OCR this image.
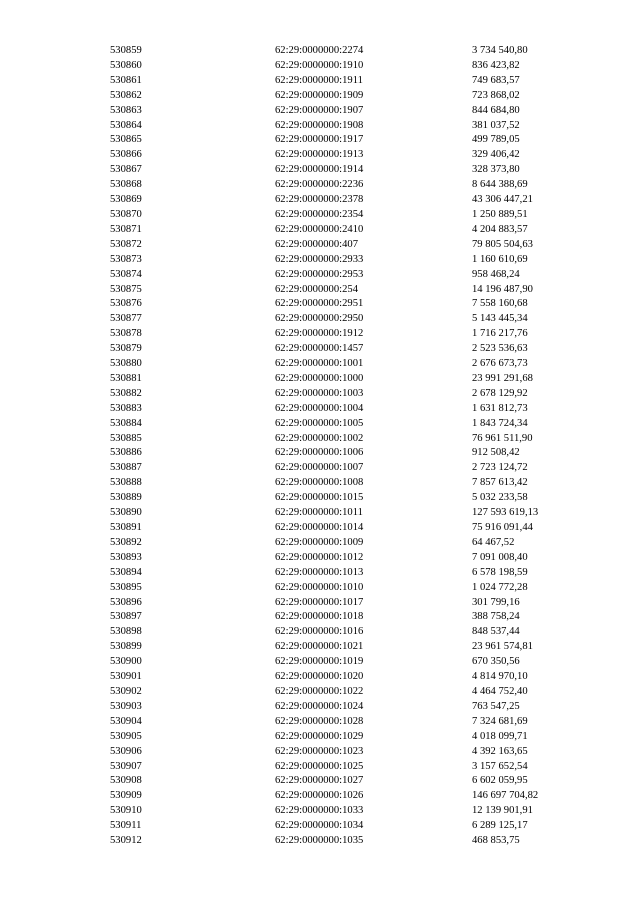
530859	62:29:0000000:2274	3 734 540,80
530860	62:29:0000000:1910	836 423,82
530861	62:29:0000000:1911	749 683,57
530862	62:29:0000000:1909	723 868,02
530863	62:29:0000000:1907	844 684,80
530864	62:29:0000000:1908	381 037,52
530865	62:29:0000000:1917	499 789,05
530866	62:29:0000000:1913	329 406,42
530867	62:29:0000000:1914	328 373,80
530868	62:29:0000000:2236	8 644 388,69
530869	62:29:0000000:2378	43 306 447,21
530870	62:29:0000000:2354	1 250 889,51
530871	62:29:0000000:2410	4 204 883,57
530872	62:29:0000000:407	79 805 504,63
530873	62:29:0000000:2933	1 160 610,69
530874	62:29:0000000:2953	958 468,24
530875	62:29:0000000:254	14 196 487,90
530876	62:29:0000000:2951	7 558 160,68
530877	62:29:0000000:2950	5 143 445,34
530878	62:29:0000000:1912	1 716 217,76
530879	62:29:0000000:1457	2 523 536,63
530880	62:29:0000000:1001	2 676 673,73
530881	62:29:0000000:1000	23 991 291,68
530882	62:29:0000000:1003	2 678 129,92
530883	62:29:0000000:1004	1 631 812,73
530884	62:29:0000000:1005	1 843 724,34
530885	62:29:0000000:1002	76 961 511,90
530886	62:29:0000000:1006	912 508,42
530887	62:29:0000000:1007	2 723 124,72
530888	62:29:0000000:1008	7 857 613,42
530889	62:29:0000000:1015	5 032 233,58
530890	62:29:0000000:1011	127 593 619,13
530891	62:29:0000000:1014	75 916 091,44
530892	62:29:0000000:1009	64 467,52
530893	62:29:0000000:1012	7 091 008,40
530894	62:29:0000000:1013	6 578 198,59
530895	62:29:0000000:1010	1 024 772,28
530896	62:29:0000000:1017	301 799,16
530897	62:29:0000000:1018	388 758,24
530898	62:29:0000000:1016	848 537,44
530899	62:29:0000000:1021	23 961 574,81
530900	62:29:0000000:1019	670 350,56
530901	62:29:0000000:1020	4 814 970,10
530902	62:29:0000000:1022	4 464 752,40
530903	62:29:0000000:1024	763 547,25
530904	62:29:0000000:1028	7 324 681,69
530905	62:29:0000000:1029	4 018 099,71
530906	62:29:0000000:1023	4 392 163,65
530907	62:29:0000000:1025	3 157 652,54
530908	62:29:0000000:1027	6 602 059,95
530909	62:29:0000000:1026	146 697 704,82
530910	62:29:0000000:1033	12 139 901,91
530911	62:29:0000000:1034	6 289 125,17
530912	62:29:0000000:1035	468 853,75
